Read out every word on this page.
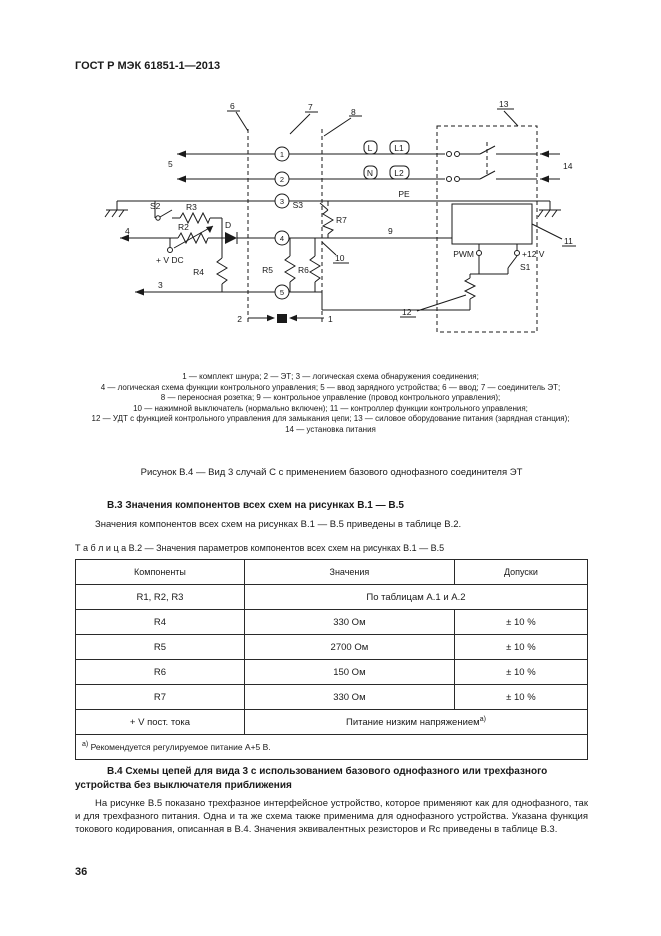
ГОСТ Р МЭК 61851-1—2013
6	7	8
13
5	14
4
3
9
10
11
12
2	1
1
2
3
4
5
S2	R3
R2	D
+ V DC
R4	R5	R6
R7
S3
L	L1
N L2
PE
PWM	+12 V
S1
1 — комплект шнура; 2 — ЭТ; 3 — логическая схема обнаружения соединения;
4 — логическая схема функции контрольного управления; 5 — ввод зарядного устройства; 6 — ввод; 7 — соединитель ЭТ;
8 — переносная розетка; 9 — контрольное управление (провод контрольного управления);
10 — нажимной выключатель (нормально включен); 11 — контроллер функции контрольного управления;
12 — УДТ с функцией контрольного управления для замыкания цепи; 13 — силовое оборудование питания (зарядная станция);
14 — установка питания
Рисунок В.4 — Вид 3 случай С с применением базового однофазного соединителя ЭТ
В.3 Значения компонентов всех схем на рисунках В.1 — В.5
Значения компонентов всех схем на рисунках В.1 — В.5 приведены в таблице В.2.
Т а б л и ц а В.2 — Значения параметров компонентов всех схем на рисунках В.1 — В.5
Компоненты	Значения	Допуски
R1, R2, R3	По таблицам А.1 и А.2	
R4	330 Ом	± 10 %
R5	2700 Ом	± 10 %
R6	150 Ом	± 10 %
R7	330 Ом	± 10 %
+ V пост. тока	Питание низким напряжением$^{а)}$
$^{а)}$ Рекомендуется регулируемое питание А+5 В.		
В.4 Схемы цепей для вида 3 с использованием базового однофазного или трехфазного устройства без выключателя приближения
На рисунке В.5 показано трехфазное интерфейсное устройство, которое применяют как для однофазного, так и для трехфазного питания. Одна и та же схема также применима для однофазного устройства. Указана функция токового кодирования, описанная в В.4. Значения эквивалентных резисторов и Rc приведены в таблице В.3.
36
